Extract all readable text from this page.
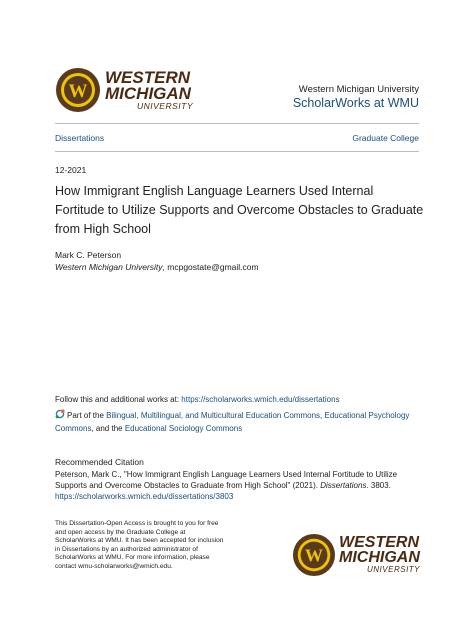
W
WESTERN
MICHIGAN
UNIVERSITY
Western Michigan University
ScholarWorks at WMU
Dissertations	Graduate College
12-2021
How Immigrant English Language Learners Used Internal Fortitude to Utilize Supports and Overcome Obstacles to Graduate from High School
Mark C. Peterson
Western Michigan University, mcpgostate@gmail.com
Follow this and additional works at: https://scholarworks.wmich.edu/dissertations
Part of the Bilingual, Multilingual, and Multicultural Education Commons, Educational Psychology Commons, and the Educational Sociology Commons
Recommended Citation
Peterson, Mark C., "How Immigrant English Language Learners Used Internal Fortitude to Utilize Supports and Overcome Obstacles to Graduate from High School" (2021). Dissertations. 3803.
https://scholarworks.wmich.edu/dissertations/3803
This Dissertation-Open Access is brought to you for free
and open access by the Graduate College at
ScholarWorks at WMU. It has been accepted for inclusion
in Dissertations by an authorized administrator of
ScholarWorks at WMU. For more information, please
contact wmu-scholarworks@wmich.edu.
W
WESTERN
MICHIGAN
UNIVERSITY
